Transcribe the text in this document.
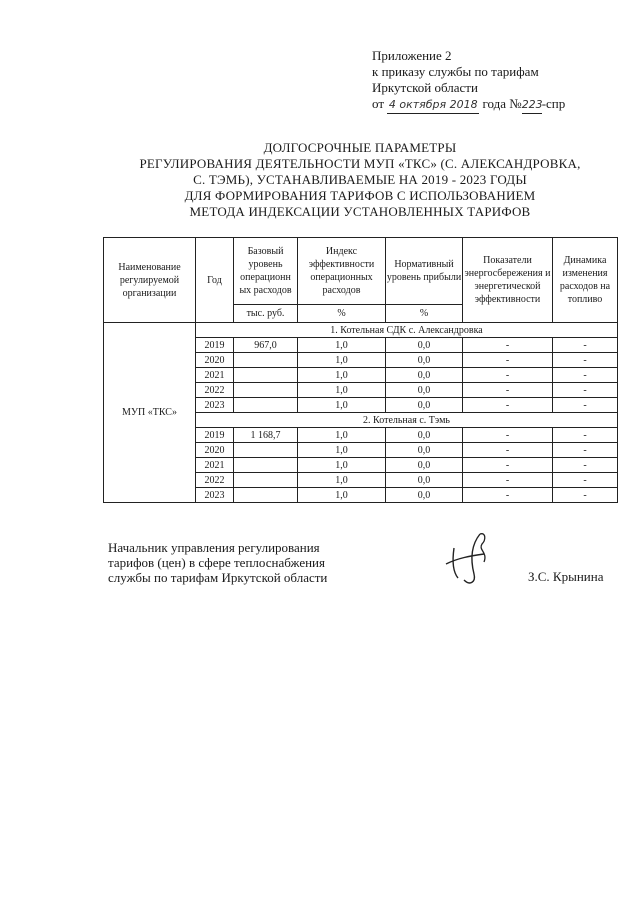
Приложение 2
к приказу службы по тарифам
Иркутской области
от 4 октября 2018 года №223-спр
ДОЛГОСРОЧНЫЕ ПАРАМЕТРЫ
РЕГУЛИРОВАНИЯ ДЕЯТЕЛЬНОСТИ МУП «ТКС» (С. АЛЕКСАНДРОВКА,
С. ТЭМЬ), УСТАНАВЛИВАЕМЫЕ НА 2019 - 2023 ГОДЫ
ДЛЯ ФОРМИРОВАНИЯ ТАРИФОВ С ИСПОЛЬЗОВАНИЕМ
МЕТОДА ИНДЕКСАЦИИ УСТАНОВЛЕННЫХ ТАРИФОВ
Наименование регулируемой организации	Год	Базовый уровень операционн ых расходов	Индекс эффективности операционных расходов	Нормативный уровень прибыли	Показатели энергосбережения и энергетической эффективности	Динамика изменения расходов на топливо
		тыс. руб.	%	%		
МУП «ТКС»	1. Котельная СДК с. Александровка					
	2019	967,0	1,0	0,0	-	-
	2020		1,0	0,0	-	-
	2021		1,0	0,0	-	-
	2022		1,0	0,0	-	-
	2023		1,0	0,0	-	-
	2. Котельная с. Тэмь					
	2019	1 168,7	1,0	0,0	-	-
	2020		1,0	0,0	-	-
	2021		1,0	0,0	-	-
	2022		1,0	0,0	-	-
	2023		1,0	0,0	-	-
Начальник управления регулирования
тарифов (цен) в сфере теплоснабжения
службы по тарифам Иркутской области	З.С. Крынина
